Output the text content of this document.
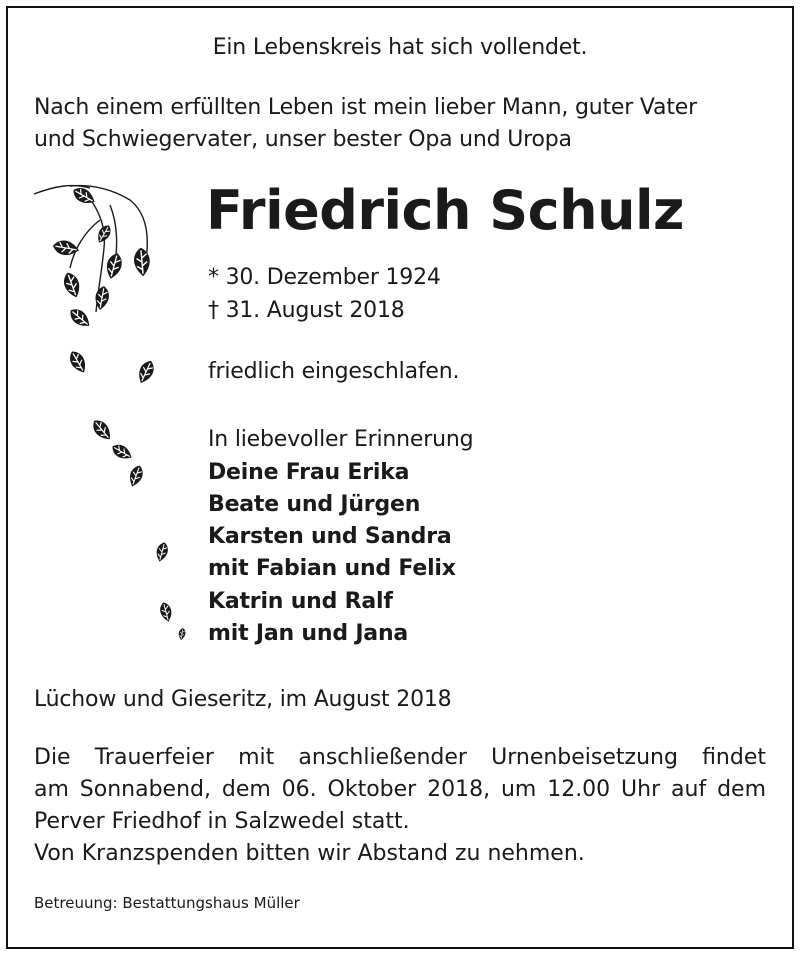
Ein Lebenskreis hat sich vollendet.
Nach einem erfüllten Leben ist mein lieber Mann, guter Vater
und Schwiegervater, unser bester Opa und Uropa
Friedrich Schulz
* 30. Dezember 1924
† 31. August 2018
friedlich eingeschlafen.
In liebevoller Erinnerung
Deine Frau Erika
Beate und Jürgen
Karsten und Sandra
mit Fabian und Felix
Katrin und Ralf
mit Jan und Jana
Lüchow und Gieseritz, im August 2018
Die Trauerfeier mit anschließender Urnenbeisetzung findet
am Sonnabend, dem 06. Oktober 2018, um 12.00 Uhr auf dem
Perver Friedhof in Salzwedel statt.
Von Kranzspenden bitten wir Abstand zu nehmen.
Betreuung: Bestattungshaus Müller
